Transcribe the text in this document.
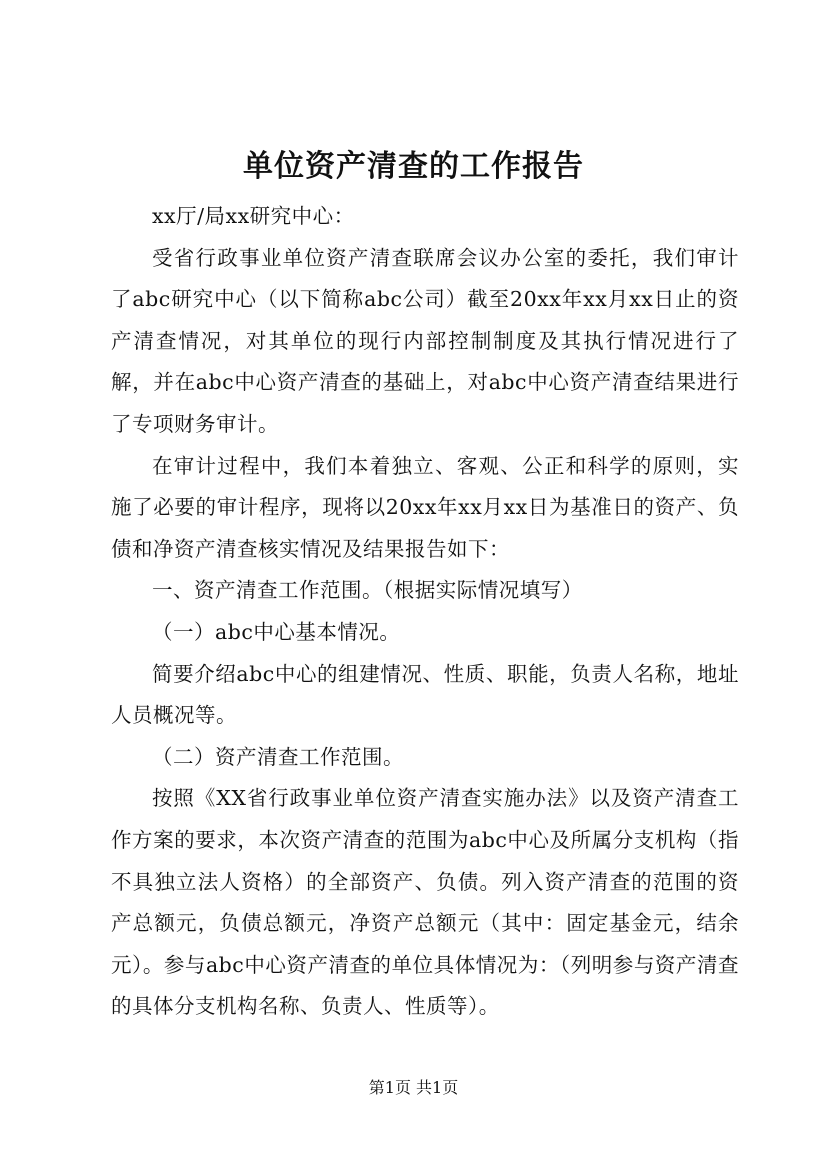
单位资产清查的工作报告

xx厅/局xx研究中心：

受省行政事业单位资产清查联席会议办公室的委托，我们审计了abc研究中心（以下简称abc公司）截至20xx年xx月xx日止的资产清查情况，对其单位的现行内部控制制度及其执行情况进行了解，并在abc中心资产清查的基础上，对abc中心资产清查结果进行了专项财务审计。

在审计过程中，我们本着独立、客观、公正和科学的原则，实施了必要的审计程序，现将以20xx年xx月xx日为基准日的资产、负债和净资产清查核实情况及结果报告如下：

一、资产清查工作范围。（根据实际情况填写）

（一）abc中心基本情况。

简要介绍abc中心的组建情况、性质、职能，负责人名称，地址人员概况等。

（二）资产清查工作范围。

按照《XX省行政事业单位资产清查实施办法》以及资产清查工作方案的要求，本次资产清查的范围为abc中心及所属分支机构（指不具独立法人资格）的全部资产、负债。列入资产清查的范围的资产总额元，负债总额元，净资产总额元（其中：固定基金元，结余元）。参与abc中心资产清查的单位具体情况为：（列明参与资产清查的具体分支机构名称、负责人、性质等）。

第1页 共1页
